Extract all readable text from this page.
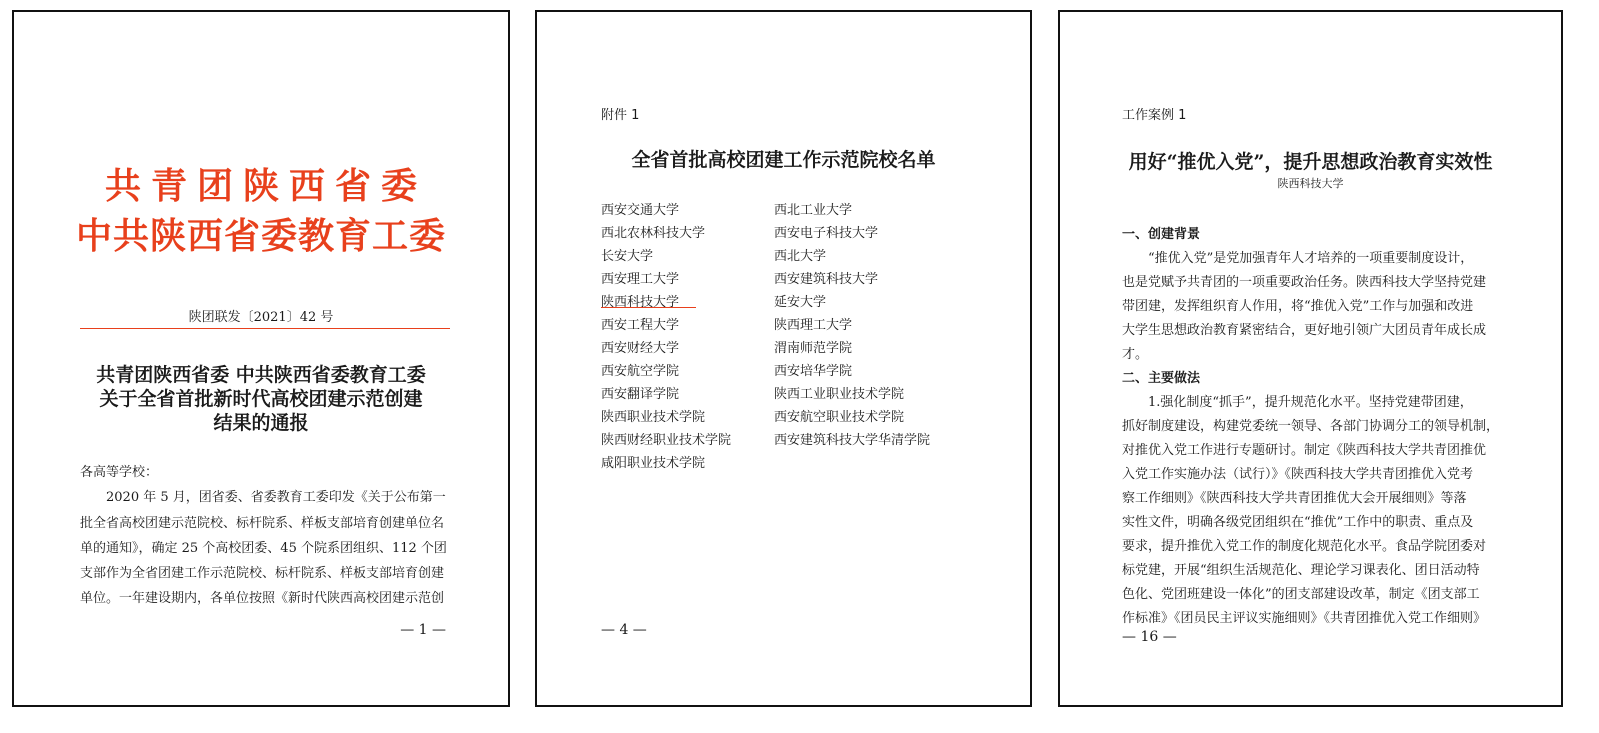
共青团陕西省委
中共陕西省委教育工委
陕团联发〔2021〕42 号
共青团陕西省委 中共陕西省委教育工委
关于全省首批新时代高校团建示范创建
结果的通报
各高等学校：
2020 年 5 月，团省委、省委教育工委印发《关于公布第一
批全省高校团建示范院校、标杆院系、样板支部培育创建单位名
单的通知》，确定 25 个高校团委、45 个院系团组织、112 个团
支部作为全省团建工作示范院校、标杆院系、样板支部培育创建
单位。一年建设期内，各单位按照《新时代陕西高校团建示范创
— 1 —
附件 1
全省首批高校团建工作示范院校名单
西安交通大学
西北农林科技大学
长安大学
西安理工大学
陕西科技大学
西安工程大学
西安财经大学
西安航空学院
西安翻译学院
陕西职业技术学院
陕西财经职业技术学院
咸阳职业技术学院
西北工业大学
西安电子科技大学
西北大学
西安建筑科技大学
延安大学
陕西理工大学
渭南师范学院
西安培华学院
陕西工业职业技术学院
西安航空职业技术学院
西安建筑科技大学华清学院
— 4 —
工作案例 1
用好“推优入党”，提升思想政治教育实效性
陕西科技大学
一、创建背景
“推优入党”是党加强青年人才培养的一项重要制度设计，
也是党赋予共青团的一项重要政治任务。陕西科技大学坚持党建
带团建，发挥组织育人作用，将“推优入党”工作与加强和改进
大学生思想政治教育紧密结合，更好地引领广大团员青年成长成
才。
二、主要做法
1.强化制度“抓手”，提升规范化水平。坚持党建带团建，
抓好制度建设，构建党委统一领导、各部门协调分工的领导机制，
对推优入党工作进行专题研讨。制定《陕西科技大学共青团推优
入党工作实施办法（试行）》《陕西科技大学共青团推优入党考
察工作细则》《陕西科技大学共青团推优大会开展细则》等落
实性文件，明确各级党团组织在“推优”工作中的职责、重点及
要求，提升推优入党工作的制度化规范化水平。食品学院团委对
标党建，开展“组织生活规范化、理论学习课表化、团日活动特
色化、党团班建设一体化”的团支部建设改革，制定《团支部工
作标准》《团员民主评议实施细则》《共青团推优入党工作细则》
— 16 —
